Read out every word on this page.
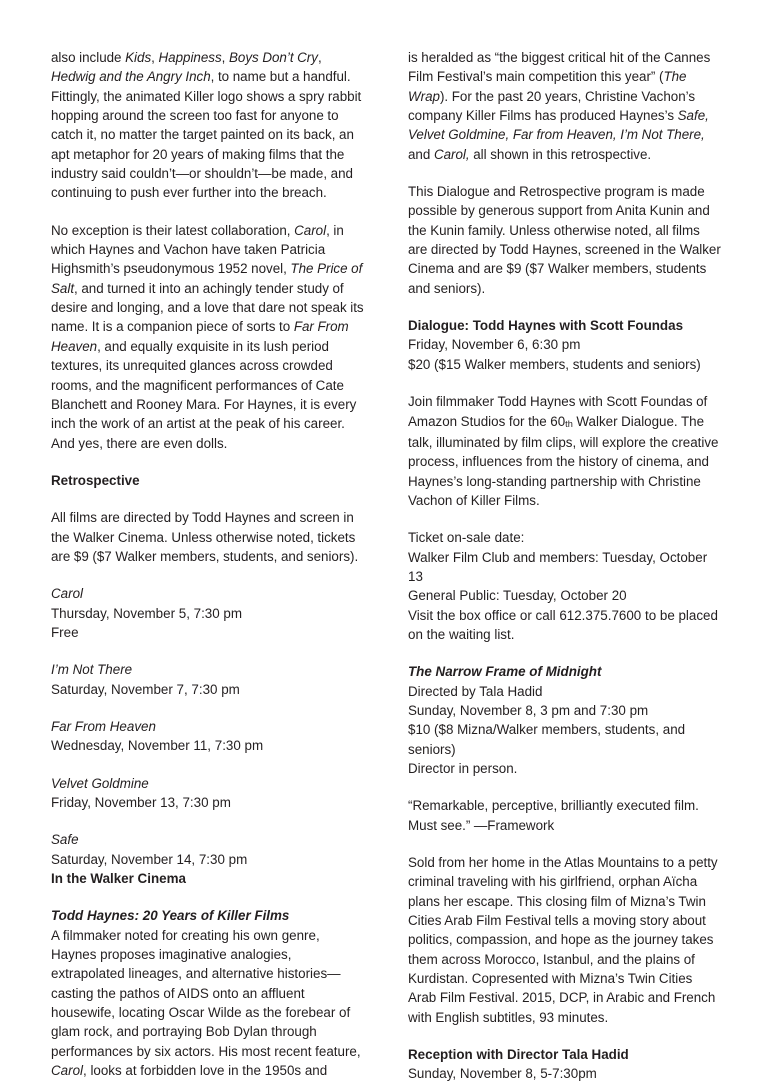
also include Kids, Happiness, Boys Don’t Cry, Hedwig and the Angry Inch, to name but a handful. Fittingly, the animated Killer logo shows a spry rabbit hopping around the screen too fast for anyone to catch it, no matter the target painted on its back, an apt metaphor for 20 years of making films that the industry said couldn’t—or shouldn’t—be made, and continuing to push ever further into the breach.

No exception is their latest collaboration, Carol, in which Haynes and Vachon have taken Patricia Highsmith’s pseudonymous 1952 novel, The Price of Salt, and turned it into an achingly tender study of desire and longing, and a love that dare not speak its name. It is a companion piece of sorts to Far From Heaven, and equally exquisite in its lush period textures, its unrequited glances across crowded rooms, and the magnificent performances of Cate Blanchett and Rooney Mara. For Haynes, it is every inch the work of an artist at the peak of his career. And yes, there are even dolls.

Retrospective

All films are directed by Todd Haynes and screen in the Walker Cinema. Unless otherwise noted, tickets are $9 ($7 Walker members, students, and seniors).

Carol
Thursday, November 5, 7:30 pm
Free
I’m Not There
Saturday, November 7, 7:30 pm
Far From Heaven
Wednesday, November 11, 7:30 pm
Velvet Goldmine
Friday, November 13, 7:30 pm
Safe
Saturday, November 14, 7:30 pm
In the Walker Cinema
Todd Haynes: 20 Years of Killer Films
A filmmaker noted for creating his own genre, Haynes proposes imaginative analogies, extrapolated lineages, and alternative histories—casting the pathos of AIDS onto an affluent housewife, locating Oscar Wilde as the forebear of glam rock, and portraying Bob Dylan through performances by six actors. His most recent feature, Carol, looks at forbidden love in the 1950s and

is heralded as “the biggest critical hit of the Cannes Film Festival’s main competition this year” (The Wrap). For the past 20 years, Christine Vachon’s company Killer Films has produced Haynes’s Safe, Velvet Goldmine, Far from Heaven, I’m Not There, and Carol, all shown in this retrospective.

This Dialogue and Retrospective program is made possible by generous support from Anita Kunin and the Kunin family. Unless otherwise noted, all films are directed by Todd Haynes, screened in the Walker Cinema and are $9 ($7 Walker members, students and seniors).

Dialogue: Todd Haynes with Scott Foundas
Friday, November 6, 6:30 pm
$20 ($15 Walker members, students and seniors)

Join filmmaker Todd Haynes with Scott Foundas of Amazon Studios for the 60th Walker Dialogue. The talk, illuminated by film clips, will explore the creative process, influences from the history of cinema, and Haynes’s long-standing partnership with Christine Vachon of Killer Films.

Ticket on-sale date:
Walker Film Club and members: Tuesday, October 13
General Public: Tuesday, October 20
Visit the box office or call 612.375.7600 to be placed on the waiting list.
The Narrow Frame of Midnight
Directed by Tala Hadid
Sunday, November 8, 3 pm and 7:30 pm
$10 ($8 Mizna/Walker members, students, and seniors)
Director in person.

“Remarkable, perceptive, brilliantly executed film. Must see.” —Framework

Sold from her home in the Atlas Mountains to a petty criminal traveling with his girlfriend, orphan Aïcha plans her escape. This closing film of Mizna’s Twin Cities Arab Film Festival tells a moving story about politics, compassion, and hope as the journey takes them across Morocco, Istanbul, and the plains of Kurdistan. Copresented with Mizna’s Twin Cities Arab Film Festival. 2015, DCP, in Arabic and French with English subtitles, 93 minutes.

Reception with Director Tala Hadid
Sunday, November 8, 5-7:30pm
